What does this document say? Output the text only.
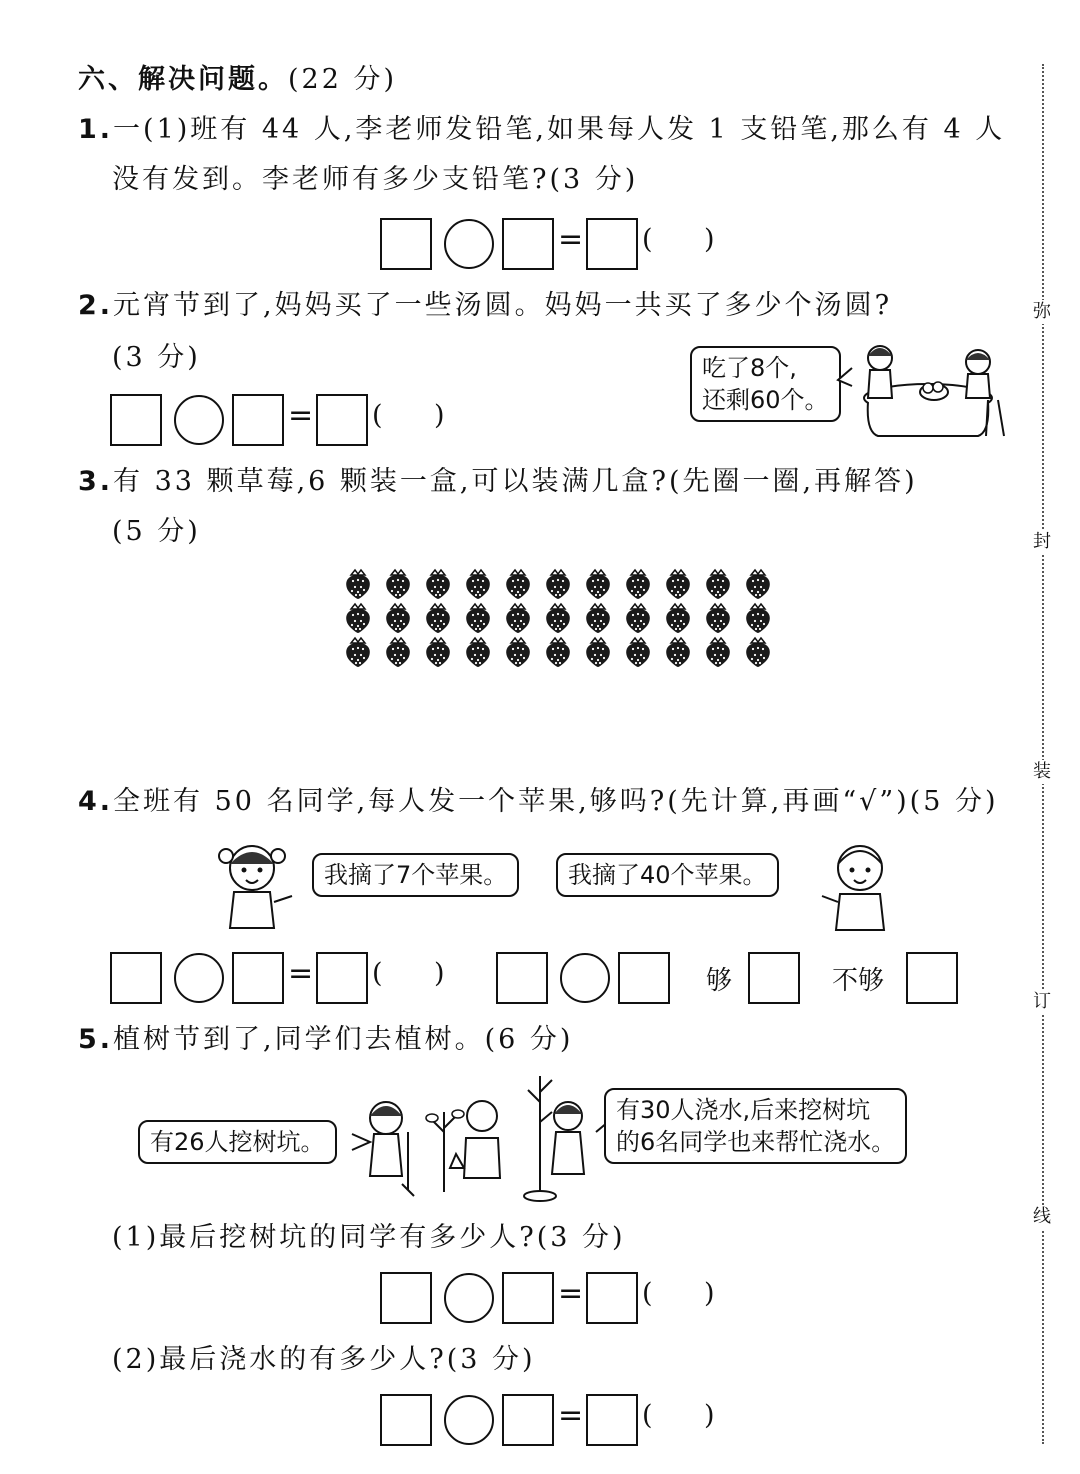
弥
封
装
订
线
六、解决问题。(22 分)
1.一(1)班有 44 人,李老师发铅笔,如果每人发 1 支铅笔,那么有 4 人
没有发到。李老师有多少支铅笔?(3 分)
= (      )
2.元宵节到了,妈妈买了一些汤圆。妈妈一共买了多少个汤圆?
(3 分)
= (      )
吃了8个,
还剩60个。
3.有 33 颗草莓,6 颗装一盒,可以装满几盒?(先圈一圈,再解答)
(5 分)
4.全班有 50 名同学,每人发一个苹果,够吗?(先计算,再画“√”)(5 分)
我摘了7个苹果。	我摘了40个苹果。
= (      )	够	不够
5.植树节到了,同学们去植树。(6 分)
有26人挖树坑。
有30人浇水,后来挖树坑
的6名同学也来帮忙浇水。
(1)最后挖树坑的同学有多少人?(3 分)
= (      )
(2)最后浇水的有多少人?(3 分)
= (      )
